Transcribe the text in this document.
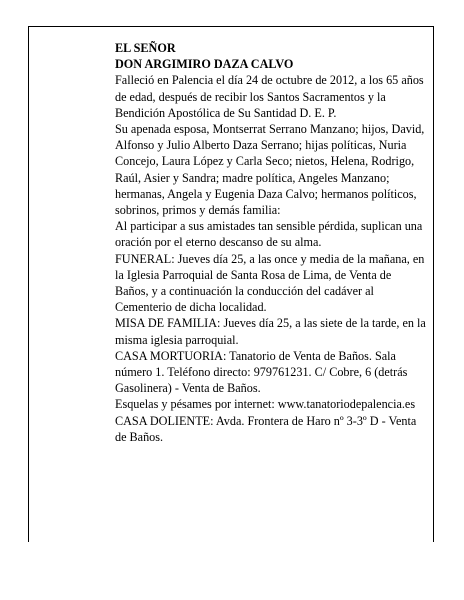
EL SEÑOR

DON ARGIMIRO DAZA CALVO

Falleció en Palencia el día 24 de octubre de 2012, a los 65 años de edad, después de recibir los Santos Sacramentos y la Bendición Apostólica de Su Santidad D. E. P.

Su apenada esposa, Montserrat Serrano Manzano; hijos, David, Alfonso y Julio Alberto Daza Serrano; hijas políticas, Nuria Concejo, Laura López y Carla Seco; nietos, Helena, Rodrigo, Raúl, Asier y Sandra; madre política, Angeles Manzano; hermanas, Angela y Eugenia Daza Calvo; hermanos políticos, sobrinos, primos y demás familia:

Al participar a sus amistades tan sensible pérdida, suplican una oración por el eterno descanso de su alma.

FUNERAL: Jueves día 25, a las once y media de la mañana, en la Iglesia Parroquial de Santa Rosa de Lima, de Venta de Baños, y a continuación la conducción del cadáver al Cementerio de dicha localidad.

MISA DE FAMILIA: Jueves día 25, a las siete de la tarde, en la misma iglesia parroquial.

CASA MORTUORIA: Tanatorio de Venta de Baños. Sala número 1. Teléfono directo: 979761231. C/ Cobre, 6 (detrás Gasolinera) - Venta de Baños.

Esquelas y pésames por internet: www.tanatoriodepalencia.es

CASA DOLIENTE: Avda. Frontera de Haro nº 3-3º D - Venta de Baños.
